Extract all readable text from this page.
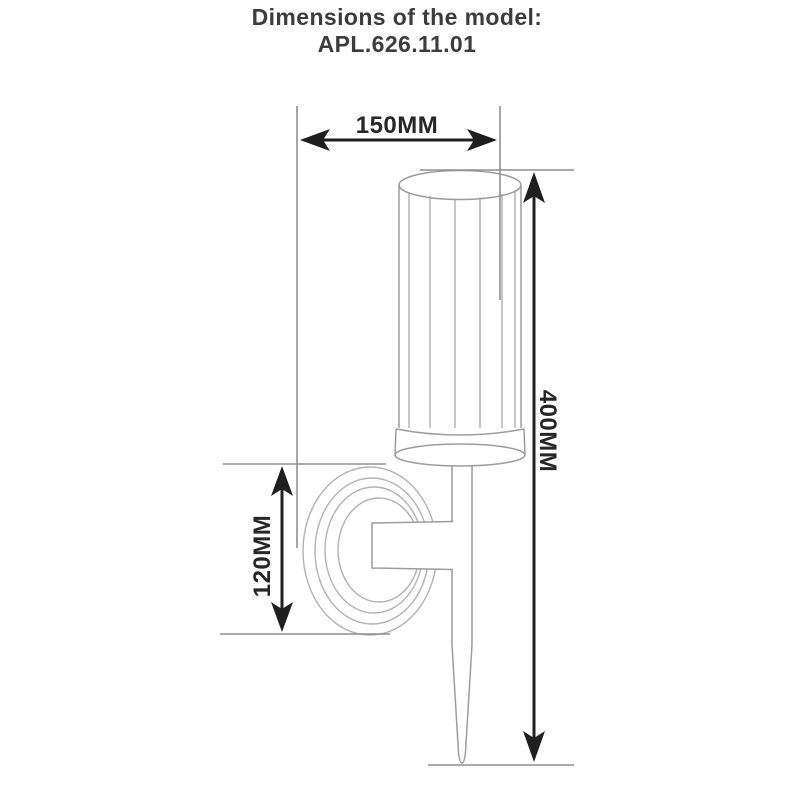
Dimensions of the model:
APL.626.11.01
150MM
400MM
120MM
